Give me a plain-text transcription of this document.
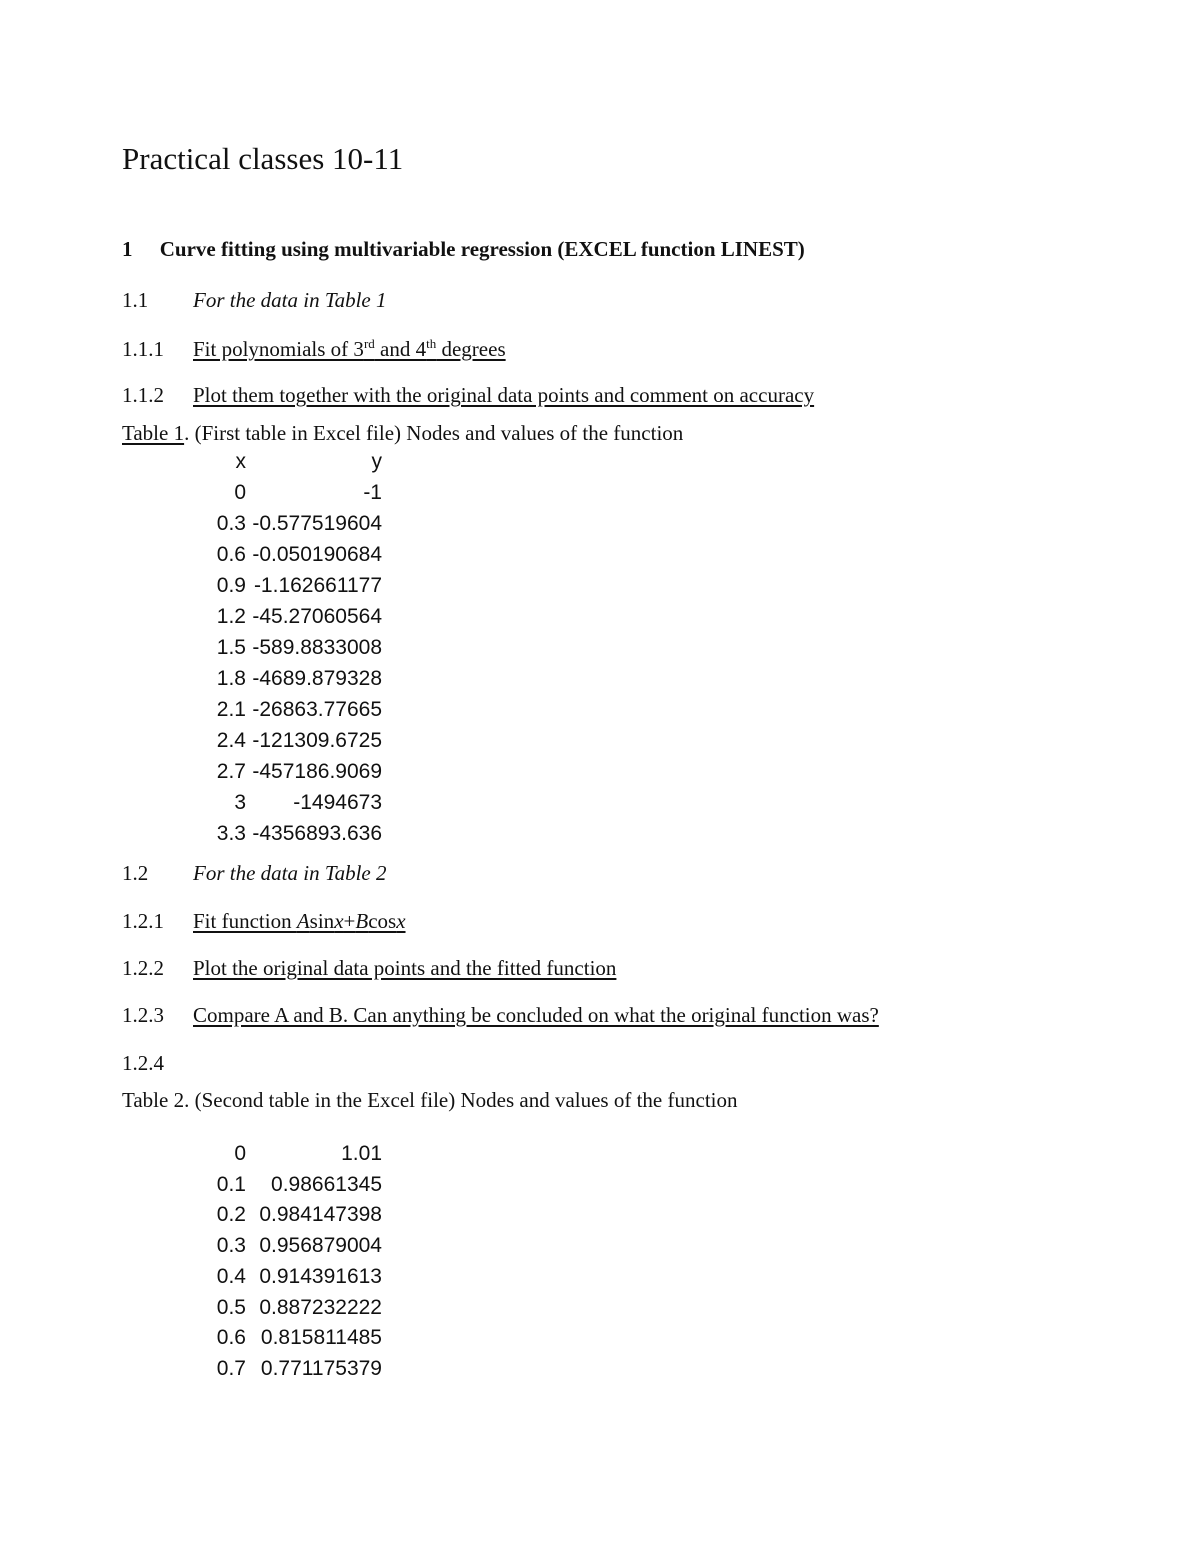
Practical classes 10-11
1 Curve fitting using multivariable regression (EXCEL function LINEST)
1.1 For the data in Table 1
1.1.1 Fit polynomials of 3rd and 4th degrees
1.1.2 Plot them together with the original data points and comment on accuracy
Table 1. (First table in Excel file) Nodes and values of the function
x	y
0	-1
0.3 -0.577519604
0.6 -0.050190684
0.9 -1.162661177
1.2 -45.27060564
1.5 -589.8833008
1.8 -4689.879328
2.1 -26863.77665
2.4 -121309.6725
2.7 -457186.9069
3	-1494673
3.3 -4356893.636
1.2 For the data in Table 2
1.2.1 Fit function Asinx+Bcosx
1.2.2 Plot the original data points and the fitted function
1.2.3 Compare A and B. Can anything be concluded on what the original function was?
1.2.4
Table 2. (Second table in the Excel file) Nodes and values of the function
0	1.01
0.1	0.98661345
0.2 0.984147398
0.3 0.956879004
0.4 0.914391613
0.5 0.887232222
0.6 0.815811485
0.7 0.771175379
